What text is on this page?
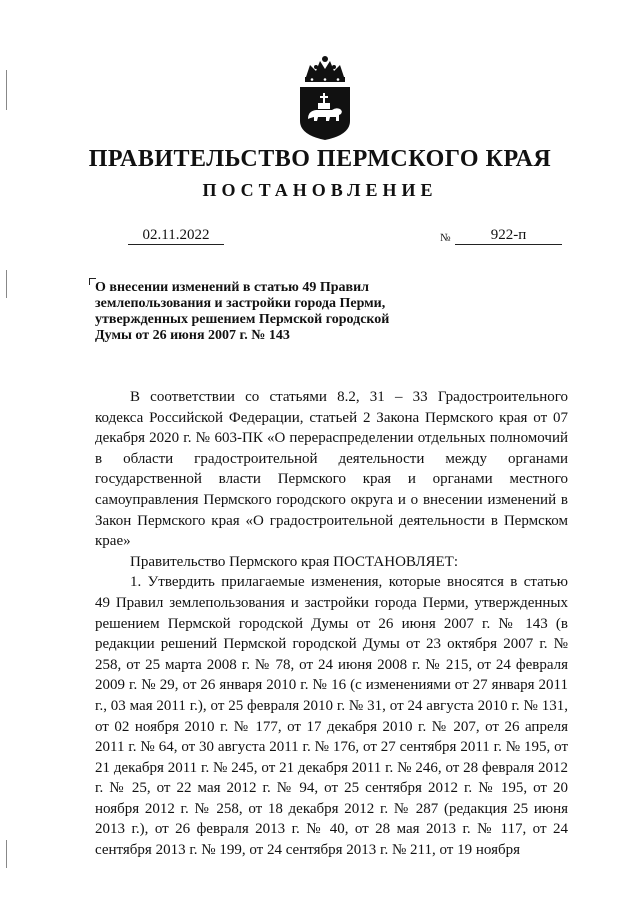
ПРАВИТЕЛЬСТВО ПЕРМСКОГО КРАЯ
ПОСТАНОВЛЕНИЕ
02.11.2022	№	922-п
О внесении изменений в статью 49 Правил землепользования и застройки города Перми, утвержденных решением Пермской городской Думы от 26 июня 2007 г. № 143

В соответствии со статьями 8.2, 31 – 33 Градостроительного кодекса Российской Федерации, статьей 2 Закона Пермского края от 07 декабря 2020 г. № 603-ПК «О перераспределении отдельных полномочий в области градостроительной деятельности между органами государственной власти Пермского края и органами местного самоуправления Пермского городского округа и о внесении изменений в Закон Пермского края «О градостроительной деятельности в Пермском крае»

Правительство Пермского края ПОСТАНОВЛЯЕТ:

1. Утвердить прилагаемые изменения, которые вносятся в статью 49 Правил землепользования и застройки города Перми, утвержденных решением Пермской городской Думы от 26 июня 2007 г. № 143 (в редакции решений Пермской городской Думы от 23 октября 2007 г. № 258, от 25 марта 2008 г. № 78, от 24 июня 2008 г. № 215, от 24 февраля 2009 г. № 29, от 26 января 2010 г. № 16 (с изменениями от 27 января 2011 г., 03 мая 2011 г.), от 25 февраля 2010 г. № 31, от 24 августа 2010 г. № 131, от 02 ноября 2010 г. № 177, от 17 декабря 2010 г. № 207, от 26 апреля 2011 г. № 64, от 30 августа 2011 г. № 176, от 27 сентября 2011 г. № 195, от 21 декабря 2011 г. № 245, от 21 декабря 2011 г. № 246, от 28 февраля 2012 г. № 25, от 22 мая 2012 г. № 94, от 25 сентября 2012 г. № 195, от 20 ноября 2012 г. № 258, от 18 декабря 2012 г. № 287 (редакция 25 июня 2013 г.), от 26 февраля 2013 г. № 40, от 28 мая 2013 г. № 117, от 24 сентября 2013 г. № 199, от 24 сентября 2013 г. № 211, от 19 ноября
